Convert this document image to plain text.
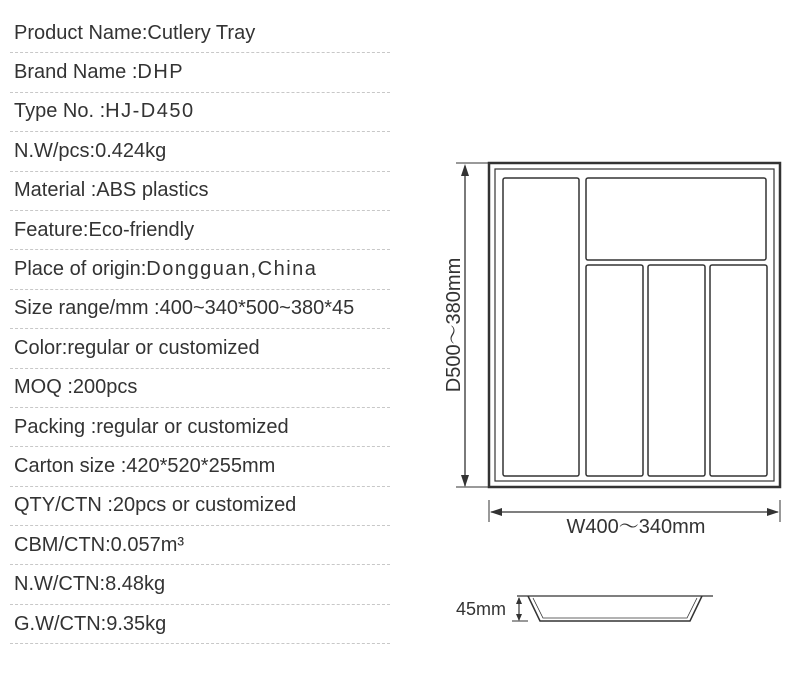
Product Name: Cutlery Tray
Brand Name : DHP
Type No. : HJ-D450
N.W/pcs: 0.424kg
Material : ABS plastics
Feature: Eco-friendly
Place of origin: Dongguan,China
Size range/mm : 400~340*500~380*45
Color: regular or customized
MOQ : 200pcs
Packing : regular or customized
Carton size : 420*520*255mm
QTY/CTN : 20pcs or customized
CBM/CTN: 0.057m³
N.W/CTN: 8.48kg
G.W/CTN: 9.35kg
D500～380mm
W400～340mm
45mm
